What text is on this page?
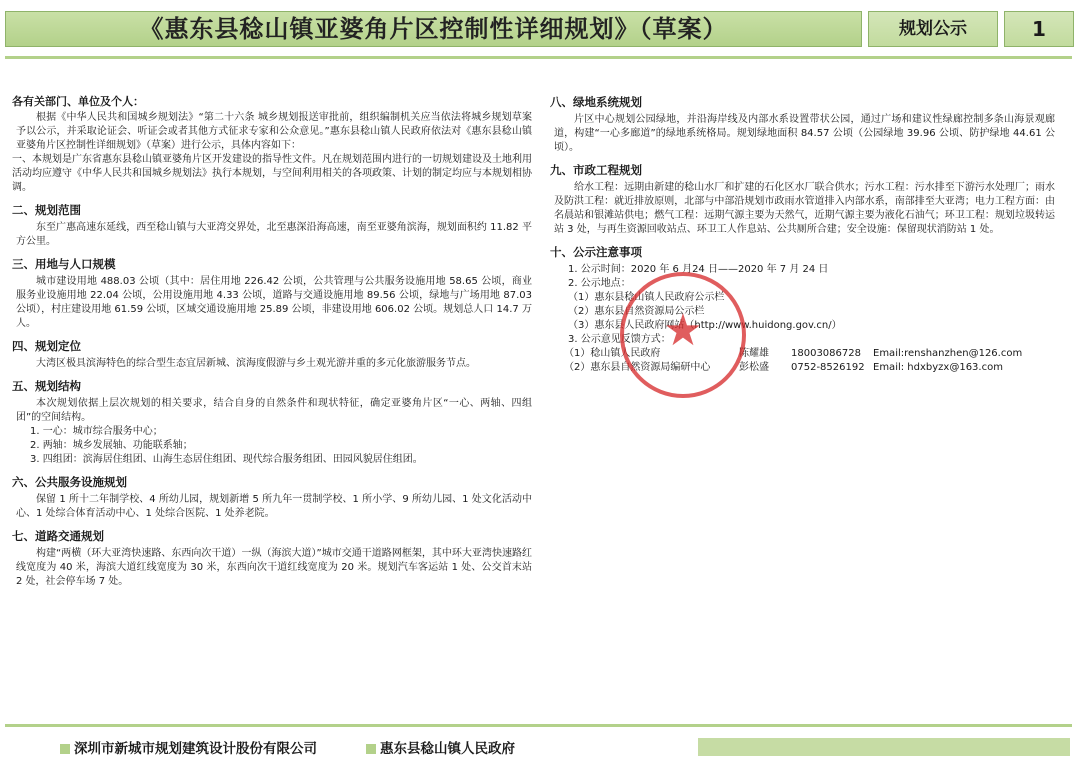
《惠东县稔山镇亚婆角片区控制性详细规划》（草案）	规划公示	1
各有关部门、单位及个人：

根据《中华人民共和国城乡规划法》“第二十六条 城乡规划报送审批前，组织编制机关应当依法将城乡规划草案予以公示，并采取论证会、听证会或者其他方式征求专家和公众意见。”惠东县稔山镇人民政府依法对《惠东县稔山镇亚婆角片区控制性详细规划》（草案）进行公示，具体内容如下：

一、本规划是广东省惠东县稔山镇亚婆角片区开发建设的指导性文件。凡在规划范围内进行的一切规划建设及土地利用活动均应遵守《中华人民共和国城乡规划法》执行本规划，与空间利用相关的各项政策、计划的制定均应与本规划相协调。

二、规划范围

东至广惠高速东延线，西至稔山镇与大亚湾交界处，北至惠深沿海高速，南至亚婆角滨海，规划面积约 11.82 平方公里。

三、用地与人口规模

城市建设用地 488.03 公顷（其中：居住用地 226.42 公顷，公共管理与公共服务设施用地 58.65 公顷，商业服务业设施用地 22.04 公顷，公用设施用地 4.33 公顷，道路与交通设施用地 89.56 公顷，绿地与广场用地 87.03 公顷），村庄建设用地 61.59 公顷，区域交通设施用地 25.89 公顷，非建设用地 606.02 公顷。规划总人口 14.7 万人。

四、规划定位

大湾区极具滨海特色的综合型生态宜居新城、滨海度假游与乡土观光游并重的多元化旅游服务节点。

五、规划结构

本次规划依据上层次规划的相关要求，结合自身的自然条件和现状特征，确定亚婆角片区“一心、两轴、四组团”的空间结构。

1. 一心：城市综合服务中心；
2. 两轴：城乡发展轴、功能联系轴；
3. 四组团：滨海居住组团、山海生态居住组团、现代综合服务组团、田园风貌居住组团。
六、公共服务设施规划

保留 1 所十二年制学校、4 所幼儿园，规划新增 5 所九年一贯制学校、1 所小学、9 所幼儿园、1 处文化活动中心、1 处综合体育活动中心、1 处综合医院、1 处养老院。

七、道路交通规划

构建“两横（环大亚湾快速路、东西向次干道）一纵（海滨大道）”城市交通干道路网框架，其中环大亚湾快速路红线宽度为 40 米，海滨大道红线宽度为 30 米，东西向次干道红线宽度为 20 米。规划汽车客运站 1 处、公交首末站 2 处，社会停车场 7 处。

八、绿地系统规划

片区中心规划公园绿地，并沿海岸线及内部水系设置带状公园，通过广场和建议性绿廊控制多条山海景观廊道，构建“一心多廊道”的绿地系统格局。规划绿地面积 84.57 公顷（公园绿地 39.96 公顷、防护绿地 44.61 公顷）。

九、市政工程规划

给水工程：远期由新建的稔山水厂和扩建的石化区水厂联合供水；污水工程：污水排至下游污水处理厂；雨水及防洪工程：就近排放原则，北部与中部沿规划市政雨水管道排入内部水系，南部排至大亚湾；电力工程方面：由名晨站和银滩站供电；燃气工程：远期气源主要为天然气，近期气源主要为液化石油气；环卫工程：规划垃圾转运站 3 处，与再生资源回收站点、环卫工人作息站、公共厕所合建；安全设施：保留现状消防站 1 处。

十、公示注意事项
1. 公示时间：2020 年 6 月24 日——2020 年 7 月 24 日
2. 公示地点：
（1）惠东县稔山镇人民政府公示栏
（2）惠东县自然资源局公示栏
（3）惠东县人民政府网站（http://www.huidong.gov.cn/）
3. 公示意见反馈方式：
（1）稔山镇人民政府	陈耀雄	18003086728	Email:renshanzhen@126.com
（2）惠东县自然资源局编研中心	彭松盛	0752-8526192 Email: hdxbyzx@163.com
★
深圳市新城市规划建筑设计股份有限公司	惠东县稔山镇人民政府
